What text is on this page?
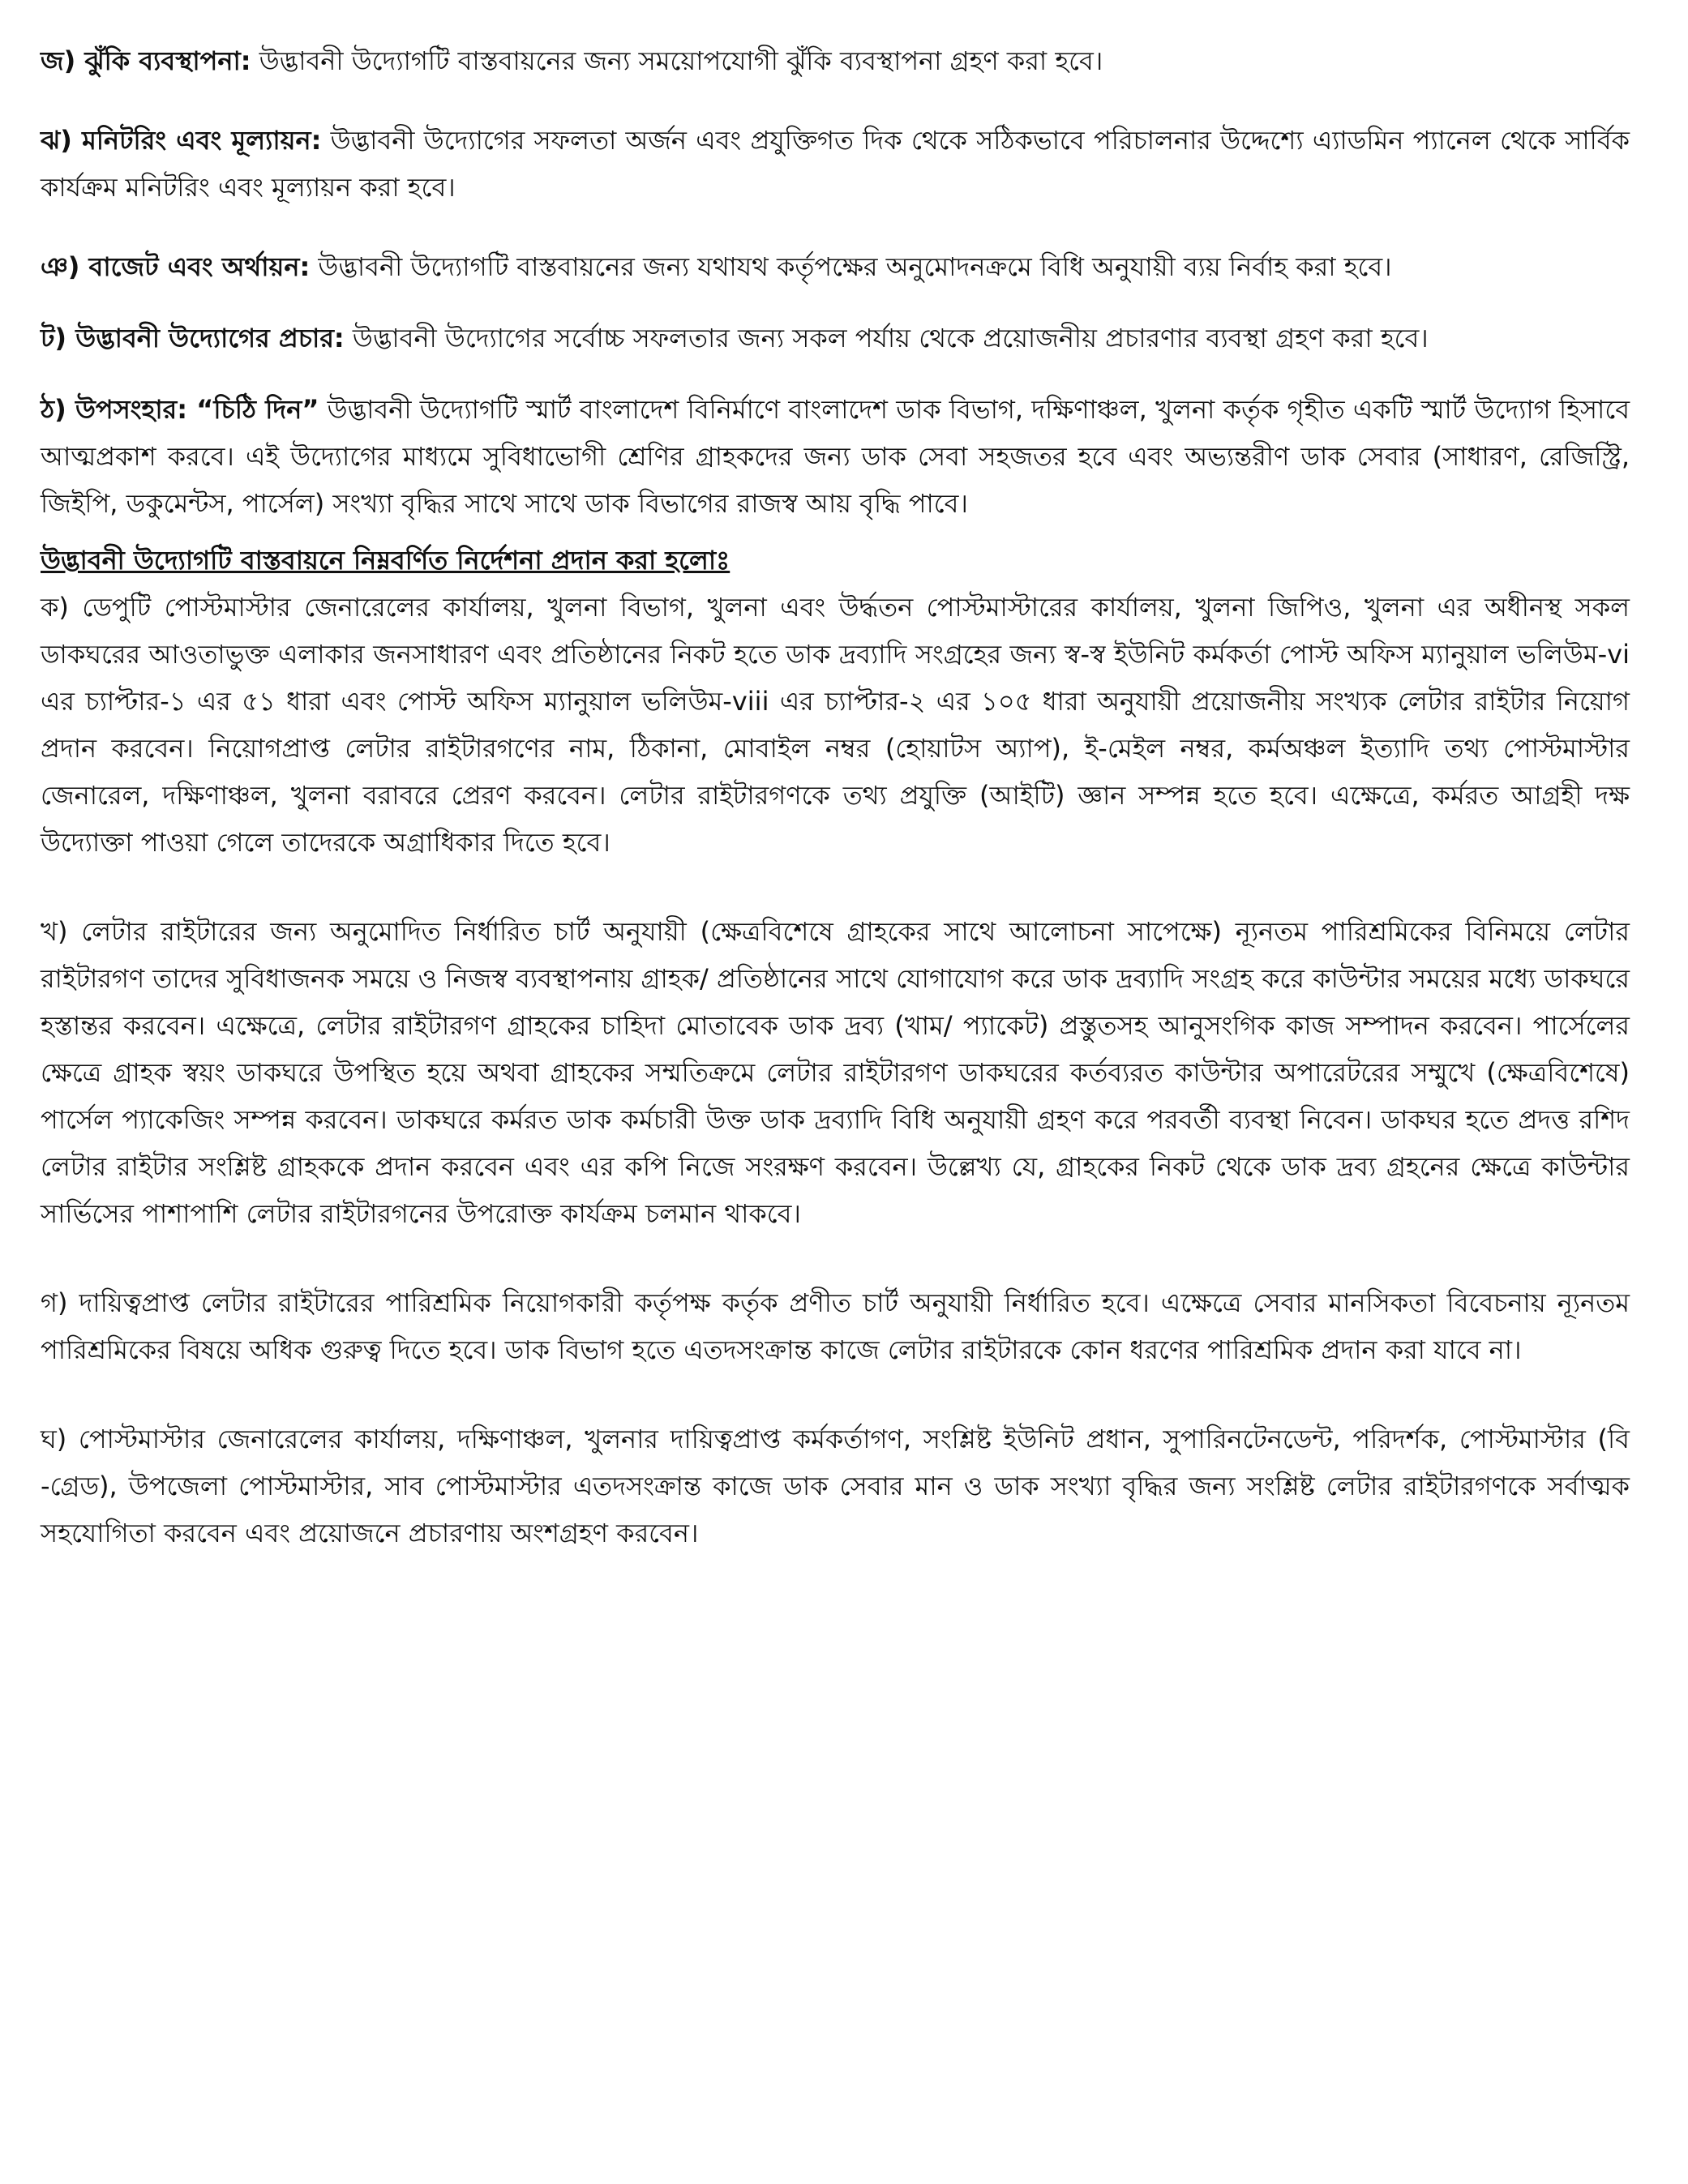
জ) ঝুঁকি ব্যবস্থাপনা: উদ্ভাবনী উদ্যোগটি বাস্তবায়নের জন্য সময়োপযোগী ঝুঁকি ব্যবস্থাপনা গ্রহণ করা হবে।

ঝ) মনিটরিং এবং মূল্যায়ন: উদ্ভাবনী উদ্যোগের সফলতা অর্জন এবং প্রযুক্তিগত দিক থেকে সঠিকভাবে পরিচালনার উদ্দেশ্যে এ্যাডমিন প্যানেল থেকে সার্বিক কার্যক্রম মনিটরিং এবং মূল্যায়ন করা হবে।

ঞ) বাজেট এবং অর্থায়ন: উদ্ভাবনী উদ্যোগটি বাস্তবায়নের জন্য যথাযথ কর্তৃপক্ষের অনুমোদনক্রমে বিধি অনুযায়ী ব্যয় নির্বাহ করা হবে।

ট) উদ্ভাবনী উদ্যোগের প্রচার: উদ্ভাবনী উদ্যোগের সর্বোচ্চ সফলতার জন্য সকল পর্যায় থেকে প্রয়োজনীয় প্রচারণার ব্যবস্থা গ্রহণ করা হবে।

ঠ) উপসংহার: “চিঠি দিন” উদ্ভাবনী উদ্যোগটি স্মার্ট বাংলাদেশ বিনির্মাণে বাংলাদেশ ডাক বিভাগ, দক্ষিণাঞ্চল, খুলনা কর্তৃক গৃহীত একটি স্মার্ট উদ্যোগ হিসাবে আত্মপ্রকাশ করবে। এই উদ্যোগের মাধ্যমে সুবিধাভোগী শ্রেণির গ্রাহকদের জন্য ডাক সেবা সহজতর হবে এবং অভ্যন্তরীণ ডাক সেবার (সাধারণ, রেজিস্ট্রি, জিইপি, ডকুমেন্টস, পার্সেল) সংখ্যা বৃদ্ধির সাথে সাথে ডাক বিভাগের রাজস্ব আয় বৃদ্ধি পাবে।

উদ্ভাবনী উদ্যোগটি বাস্তবায়নে নিম্নবর্ণিত নির্দেশনা প্রদান করা হলোঃ

ক) ডেপুটি পোস্টমাস্টার জেনারেলের কার্যালয়, খুলনা বিভাগ, খুলনা এবং উর্দ্ধতন পোস্টমাস্টারের কার্যালয়, খুলনা জিপিও, খুলনা এর অধীনস্থ সকল ডাকঘরের আওতাভুক্ত এলাকার জনসাধারণ এবং প্রতিষ্ঠানের নিকট হতে ডাক দ্রব্যাদি সংগ্রহের জন্য স্ব-স্ব ইউনিট কর্মকর্তা পোস্ট অফিস ম্যানুয়াল ভলিউম-vi এর চ্যাপ্টার-১ এর ৫১ ধারা এবং পোস্ট অফিস ম্যানুয়াল ভলিউম-viii এর চ্যাপ্টার-২ এর ১০৫ ধারা অনুযায়ী প্রয়োজনীয় সংখ্যক লেটার রাইটার নিয়োগ প্রদান করবেন। নিয়োগপ্রাপ্ত লেটার রাইটারগণের নাম, ঠিকানা, মোবাইল নম্বর (হোয়াটস অ্যাপ), ই-মেইল নম্বর, কর্মঅঞ্চল ইত্যাদি তথ্য পোস্টমাস্টার জেনারেল, দক্ষিণাঞ্চল, খুলনা বরাবরে প্রেরণ করবেন। লেটার রাইটারগণকে তথ্য প্রযুক্তি (আইটি) জ্ঞান সম্পন্ন হতে হবে। এক্ষেত্রে, কর্মরত আগ্রহী দক্ষ উদ্যোক্তা পাওয়া গেলে তাদেরকে অগ্রাধিকার দিতে হবে।

খ) লেটার রাইটারের জন্য অনুমোদিত নির্ধারিত চার্ট অনুযায়ী (ক্ষেত্রবিশেষে গ্রাহকের সাথে আলোচনা সাপেক্ষে) ন্যূনতম পারিশ্রমিকের বিনিময়ে লেটার রাইটারগণ তাদের সুবিধাজনক সময়ে ও নিজস্ব ব্যবস্থাপনায় গ্রাহক/ প্রতিষ্ঠানের সাথে যোগাযোগ করে ডাক দ্রব্যাদি সংগ্রহ করে কাউন্টার সময়ের মধ্যে ডাকঘরে হস্তান্তর করবেন। এক্ষেত্রে, লেটার রাইটারগণ গ্রাহকের চাহিদা মোতাবেক ডাক দ্রব্য (খাম/ প্যাকেট) প্রস্তুতসহ আনুসংগিক কাজ সম্পাদন করবেন। পার্সেলের ক্ষেত্রে গ্রাহক স্বয়ং ডাকঘরে উপস্থিত হয়ে অথবা গ্রাহকের সম্মতিক্রমে লেটার রাইটারগণ ডাকঘরের কর্তব্যরত কাউন্টার অপারেটরের সম্মুখে (ক্ষেত্রবিশেষে) পার্সেল প্যাকেজিং সম্পন্ন করবেন। ডাকঘরে কর্মরত ডাক কর্মচারী উক্ত ডাক দ্রব্যাদি বিধি অনুযায়ী গ্রহণ করে পরবর্তী ব্যবস্থা নিবেন। ডাকঘর হতে প্রদত্ত রশিদ লেটার রাইটার সংশ্লিষ্ট গ্রাহককে প্রদান করবেন এবং এর কপি নিজে সংরক্ষণ করবেন। উল্লেখ্য যে, গ্রাহকের নিকট থেকে ডাক দ্রব্য গ্রহনের ক্ষেত্রে কাউন্টার সার্ভিসের পাশাপাশি লেটার রাইটারগনের উপরোক্ত কার্যক্রম চলমান থাকবে।

গ) দায়িত্বপ্রাপ্ত লেটার রাইটারের পারিশ্রমিক নিয়োগকারী কর্তৃপক্ষ কর্তৃক প্রণীত চার্ট অনুযায়ী নির্ধারিত হবে। এক্ষেত্রে সেবার মানসিকতা বিবেচনায় ন্যূনতম পারিশ্রমিকের বিষয়ে অধিক গুরুত্ব দিতে হবে। ডাক বিভাগ হতে এতদসংক্রান্ত কাজে লেটার রাইটারকে কোন ধরণের পারিশ্রমিক প্রদান করা যাবে না।

ঘ) পোস্টমাস্টার জেনারেলের কার্যালয়, দক্ষিণাঞ্চল, খুলনার দায়িত্বপ্রাপ্ত কর্মকর্তাগণ, সংশ্লিষ্ট ইউনিট প্রধান, সুপারিনটেনডেন্ট, পরিদর্শক, পোস্টমাস্টার (বি -গ্রেড), উপজেলা পোস্টমাস্টার, সাব পোস্টমাস্টার এতদসংক্রান্ত কাজে ডাক সেবার মান ও ডাক সংখ্যা বৃদ্ধির জন্য সংশ্লিষ্ট লেটার রাইটারগণকে সর্বাত্মক সহযোগিতা করবেন এবং প্রয়োজনে প্রচারণায় অংশগ্রহণ করবেন।
